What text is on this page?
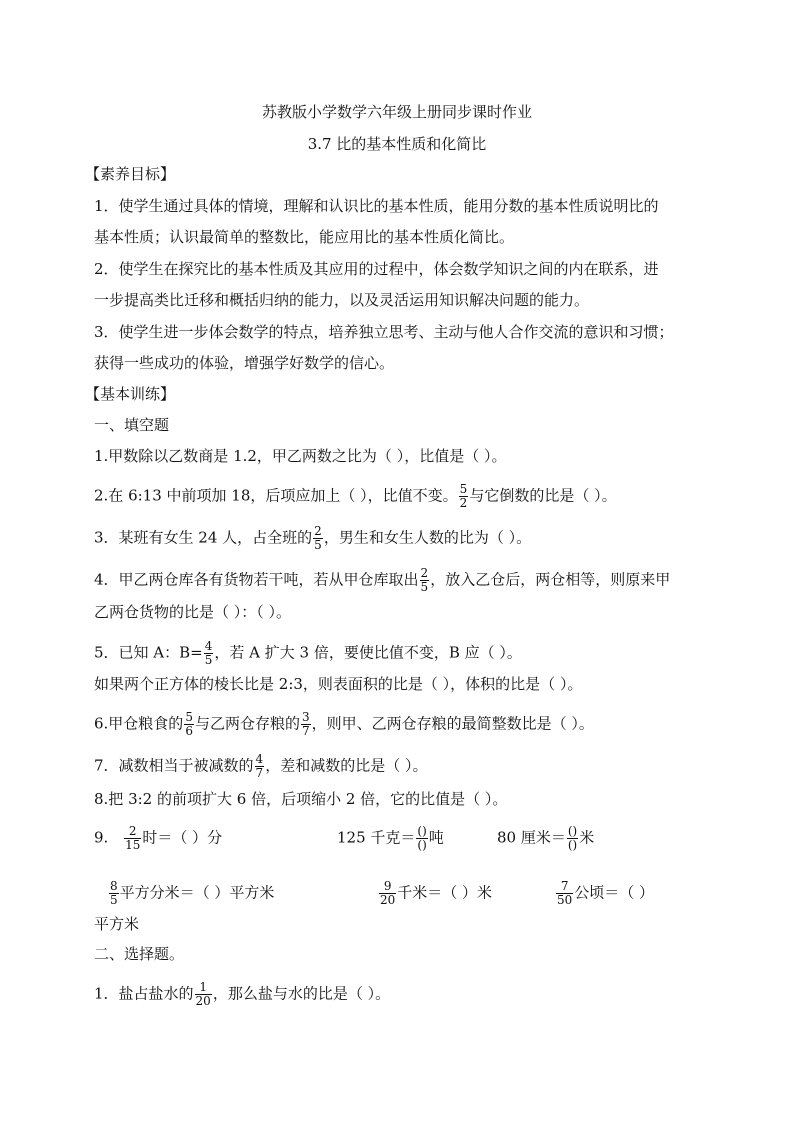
苏教版小学数学六年级上册同步课时作业
3.7 比的基本性质和化简比
【素养目标】
1．使学生通过具体的情境，理解和认识比的基本性质，能用分数的基本性质说明比的
基本性质；认识最简单的整数比，能应用比的基本性质化简比。
2．使学生在探究比的基本性质及其应用的过程中，体会数学知识之间的内在联系，进
一步提高类比迁移和概括归纳的能力，以及灵活运用知识解决问题的能力。
3．使学生进一步体会数学的特点，培养独立思考、主动与他人合作交流的意识和习惯；
获得一些成功的体验，增强学好数学的信心。
【基本训练】
一、填空题
1.甲数除以乙数商是 1.2，甲乙两数之比为（ ），比值是（ ）。
2.在 6:13 中前项加 18，后项应加上（ ），比值不变。 $\frac{5}{2}$ 与它倒数的比是（ ）。
3．某班有女生 24 人，占全班的 $\frac{2}{5}$ ，男生和女生人数的比为（ ）。
4．甲乙两仓库各有货物若干吨，若从甲仓库取出 $\frac{2}{5}$ ，放入乙仓后，两仓相等，则原来甲
乙两仓货物的比是（ ）：（ ）。
5．已知 A：$B= \frac{4}{5}$ ，若 A 扩大 3 倍，要使比值不变，B 应（ ）。
如果两个正方体的棱长比是 2:3，则表面积的比是（ ），体积的比是（ ）。
6.甲仓粮食的 $\frac{5}{6}$ 与乙两仓存粮的 $\frac{3}{7}$ ，则甲、乙两仓存粮的最简整数比是（ ）。
7．减数相当于被减数的 $\frac{4}{7}$ ，差和减数的比是（ ）。
8.把 3:2 的前项扩大 6 倍，后项缩小 2 倍，它的比值是（ ）。
9. $\frac{2}{15}$ 时＝（ ）分	125 千克＝ $\frac{()}{()}$ 吨	80 厘米＝ $\frac{()}{()}$ 米
$\frac{8}{5}$ 平方分米＝（ ）平方米	$\frac{9}{20}$ 千米＝（ ）米	$\frac{7}{50}$ 公顷＝（ ）
平方米
二、选择题。
1．盐占盐水的 $\frac{1}{20}$ ，那么盐与水的比是（ ）。
